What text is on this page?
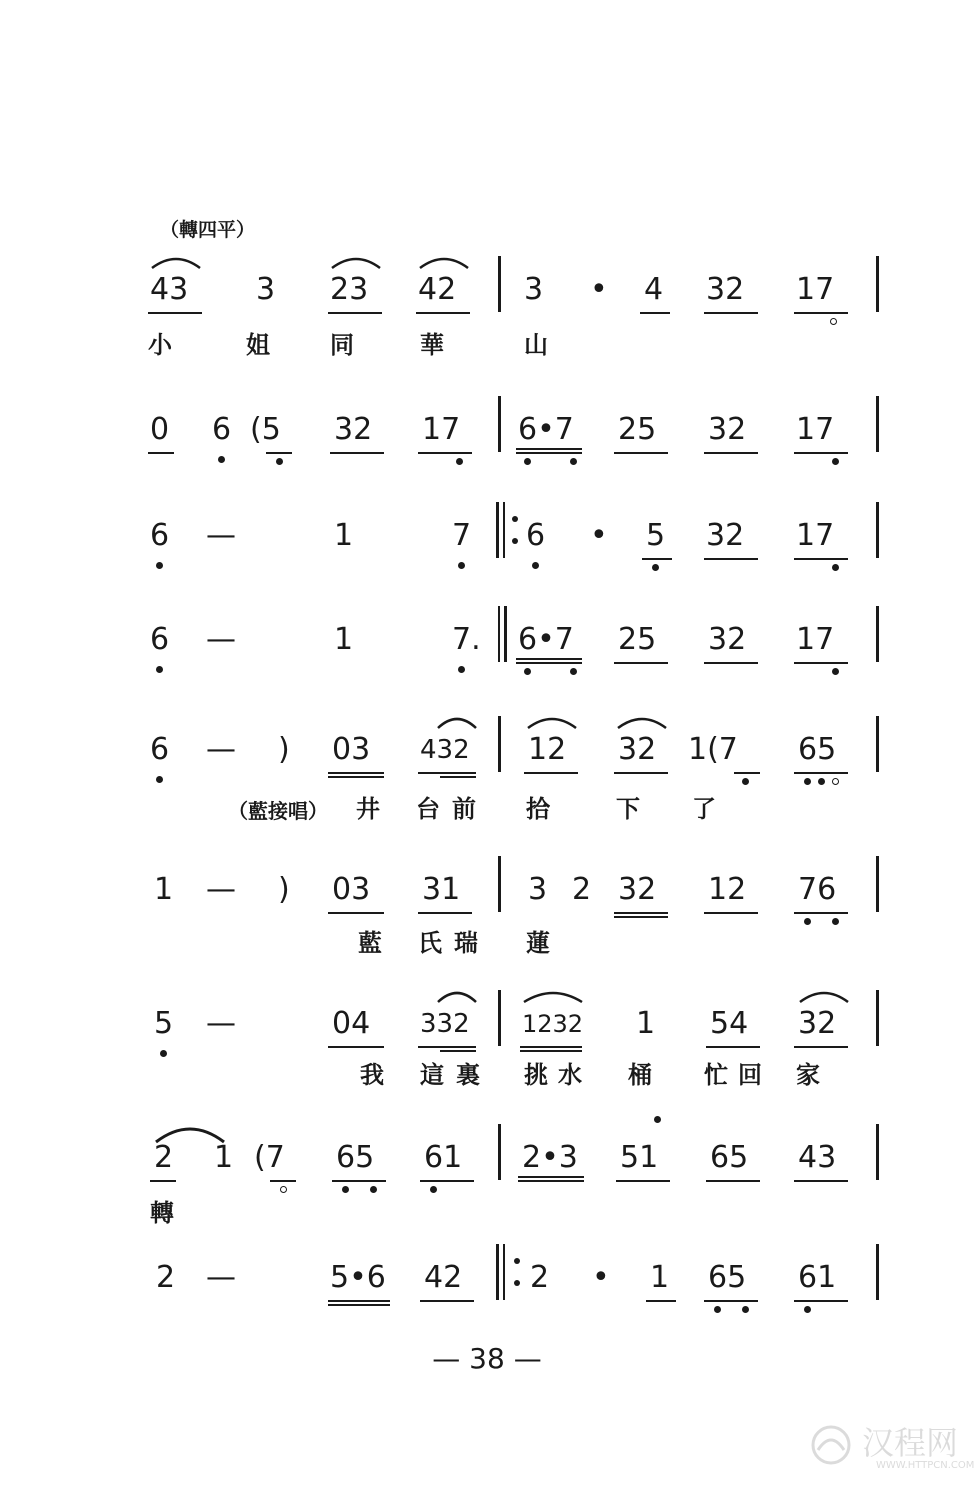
（轉四平）
43 3 23 42 3 • 4 32 17
小	姐	同	華	山
0 6 (5 32 17 6•7 25 32 17
6 —	1	7 6 • 5 32 17
6 —	1	7. 6•7 25 32 17
6 — ) 03 432 12 32 1(7 65
（藍接唱） 井 台 前 拾	下 了
1 — ) 03 31 3 2 32 12 76
藍 氏 瑞 蓮
5 —	04 332 1232 1 54 32
我 這 裏 挑 水 桶 忙 回 家
2 1 (7 65 61 2•3 51 65 43
轉
2 —	5•6 42 2 • 1 65 61
— 38 —
汉程网
WWW.HTTPCN.COM
